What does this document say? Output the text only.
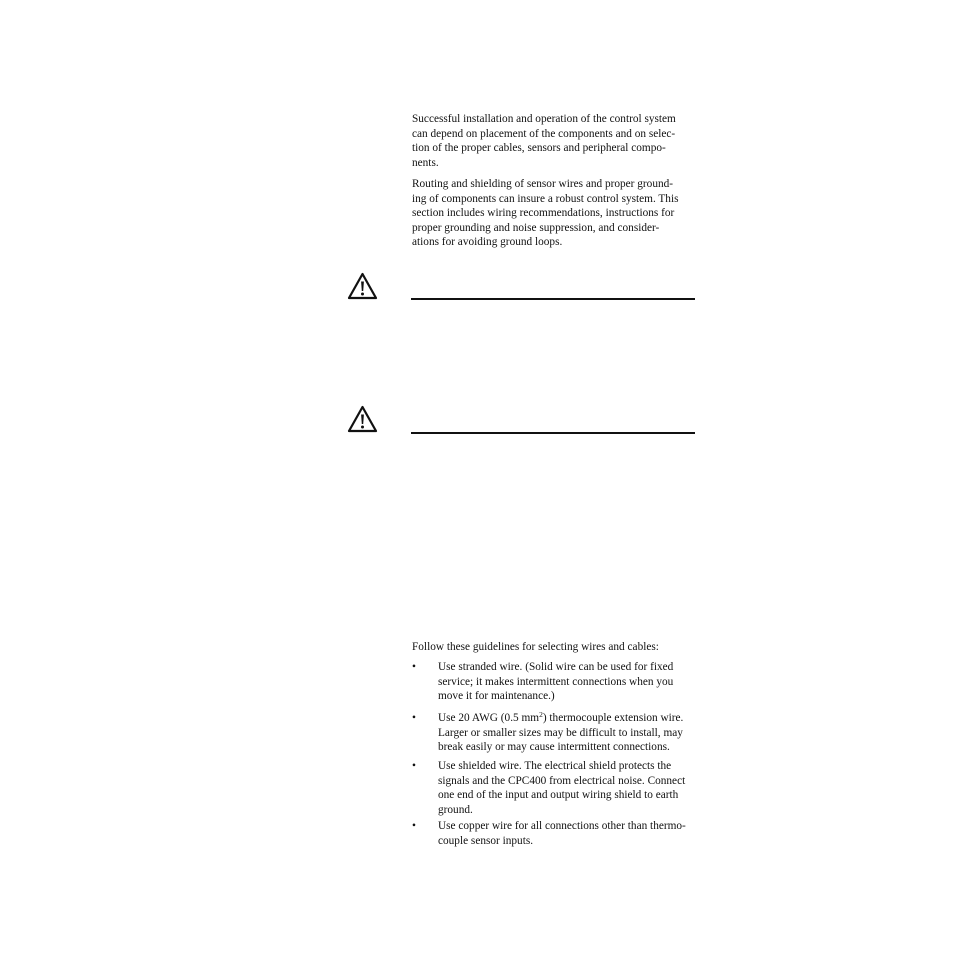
Successful installation and operation of the control system
can depend on placement of the components and on selec-
tion of the proper cables, sensors and peripheral compo-
nents.

Routing and shielding of sensor wires and proper ground-
ing of components can insure a robust control system. This
section includes wiring recommendations, instructions for
proper grounding and noise suppression, and consider-
ations for avoiding ground loops.

Follow these guidelines for selecting wires and cables:

•	Use stranded wire. (Solid wire can be used for fixed
service; it makes intermittent connections when you
move it for maintenance.)
•	Use 20 AWG (0.5 $mm^2$) thermocouple extension wire.
Larger or smaller sizes may be difficult to install, may
break easily or may cause intermittent connections.
•	Use shielded wire. The electrical shield protects the
signals and the CPC400 from electrical noise. Connect
one end of the input and output wiring shield to earth
ground.
•	Use copper wire for all connections other than thermo-
couple sensor inputs.
